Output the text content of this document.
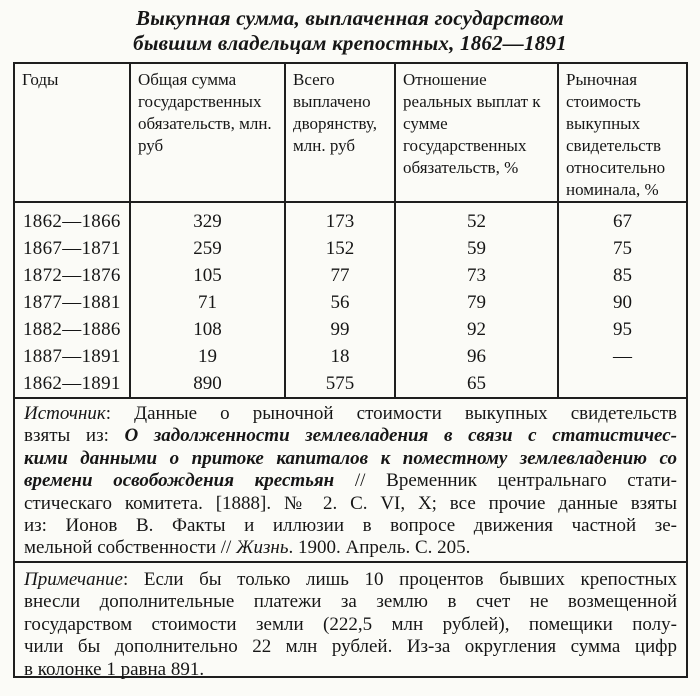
Выкупная сумма, выплаченная государством
бывшим владельцам крепостных, 1862—1891
Годы	Общая сумма государственных обязательств, млн. руб	Всего выплачено дворянству, млн. руб	Отношение реальных выплат к сумме государственных обязательств, %	Рыночная стоимость выкупных свидетельств относительно номинала, %
1862—1866	329	173	52	67
1867—1871	259	152	59	75
1872—1876	105	77	73	85
1877—1881	71	56	79	90
1882—1886	108	99	92	95
1887—1891	19	18	96	—
1862—1891	890	575	65	
Источник: Данные о рыночной стоимости выкупных свидетельств
взяты из: О задолженности землевладения в связи с статистичес-
кими данными о притоке капиталов к поместному землевладению со
времени освобождения крестьян // Временник центральнаго стати-
стическаго комитета. [1888]. № 2. С. VI, X; все прочие данные взяты
из: Ионов В. Факты и иллюзии в вопросе движения частной зе-
мельной собственности // Жизнь. 1900. Апрель. С. 205.
Примечание: Если бы только лишь 10 процентов бывших крепостных
внесли дополнительные платежи за землю в счет не возмещенной
государством стоимости земли (222,5 млн рублей), помещики полу-
чили бы дополнительно 22 млн рублей. Из-за округления сумма цифр
в колонке 1 равна 891.
